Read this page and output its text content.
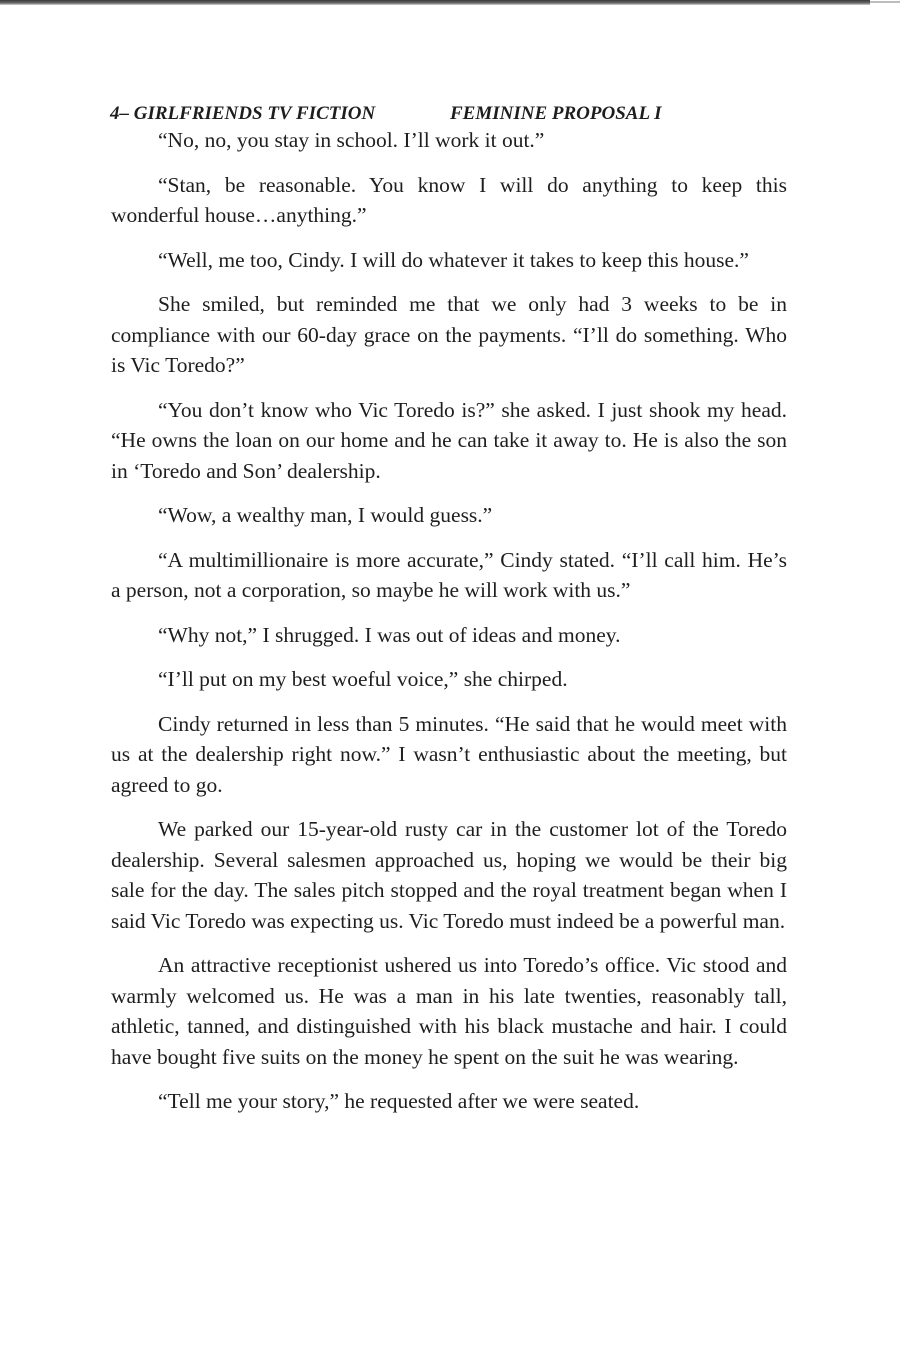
4– GIRLFRIENDS TV FICTION	FEMININE PROPOSAL I

“No, no, you stay in school. I’ll work it out.”

“Stan, be reasonable. You know I will do anything to keep this wonderful house…anything.”

“Well, me too, Cindy. I will do whatever it takes to keep this house.”

She smiled, but reminded me that we only had 3 weeks to be in compliance with our 60-day grace on the payments. “I’ll do something. Who is Vic Toredo?”

“You don’t know who Vic Toredo is?” she asked. I just shook my head. “He owns the loan on our home and he can take it away to. He is also the son in ‘Toredo and Son’ dealership.

“Wow, a wealthy man, I would guess.”

“A multimillionaire is more accurate,” Cindy stated. “I’ll call him. He’s a person, not a corporation, so maybe he will work with us.”

“Why not,” I shrugged. I was out of ideas and money.

“I’ll put on my best woeful voice,” she chirped.

Cindy returned in less than 5 minutes. “He said that he would meet with us at the dealership right now.” I wasn’t enthusiastic about the meeting, but agreed to go.

We parked our 15-year-old rusty car in the customer lot of the Toredo dealership. Several salesmen approached us, hoping we would be their big sale for the day. The sales pitch stopped and the royal treatment began when I said Vic Toredo was expecting us. Vic Toredo must indeed be a powerful man.

An attractive receptionist ushered us into Toredo’s office. Vic stood and warmly welcomed us. He was a man in his late twenties, reasonably tall, athletic, tanned, and distinguished with his black mustache and hair. I could have bought five suits on the money he spent on the suit he was wearing.

“Tell me your story,” he requested after we were seated.
